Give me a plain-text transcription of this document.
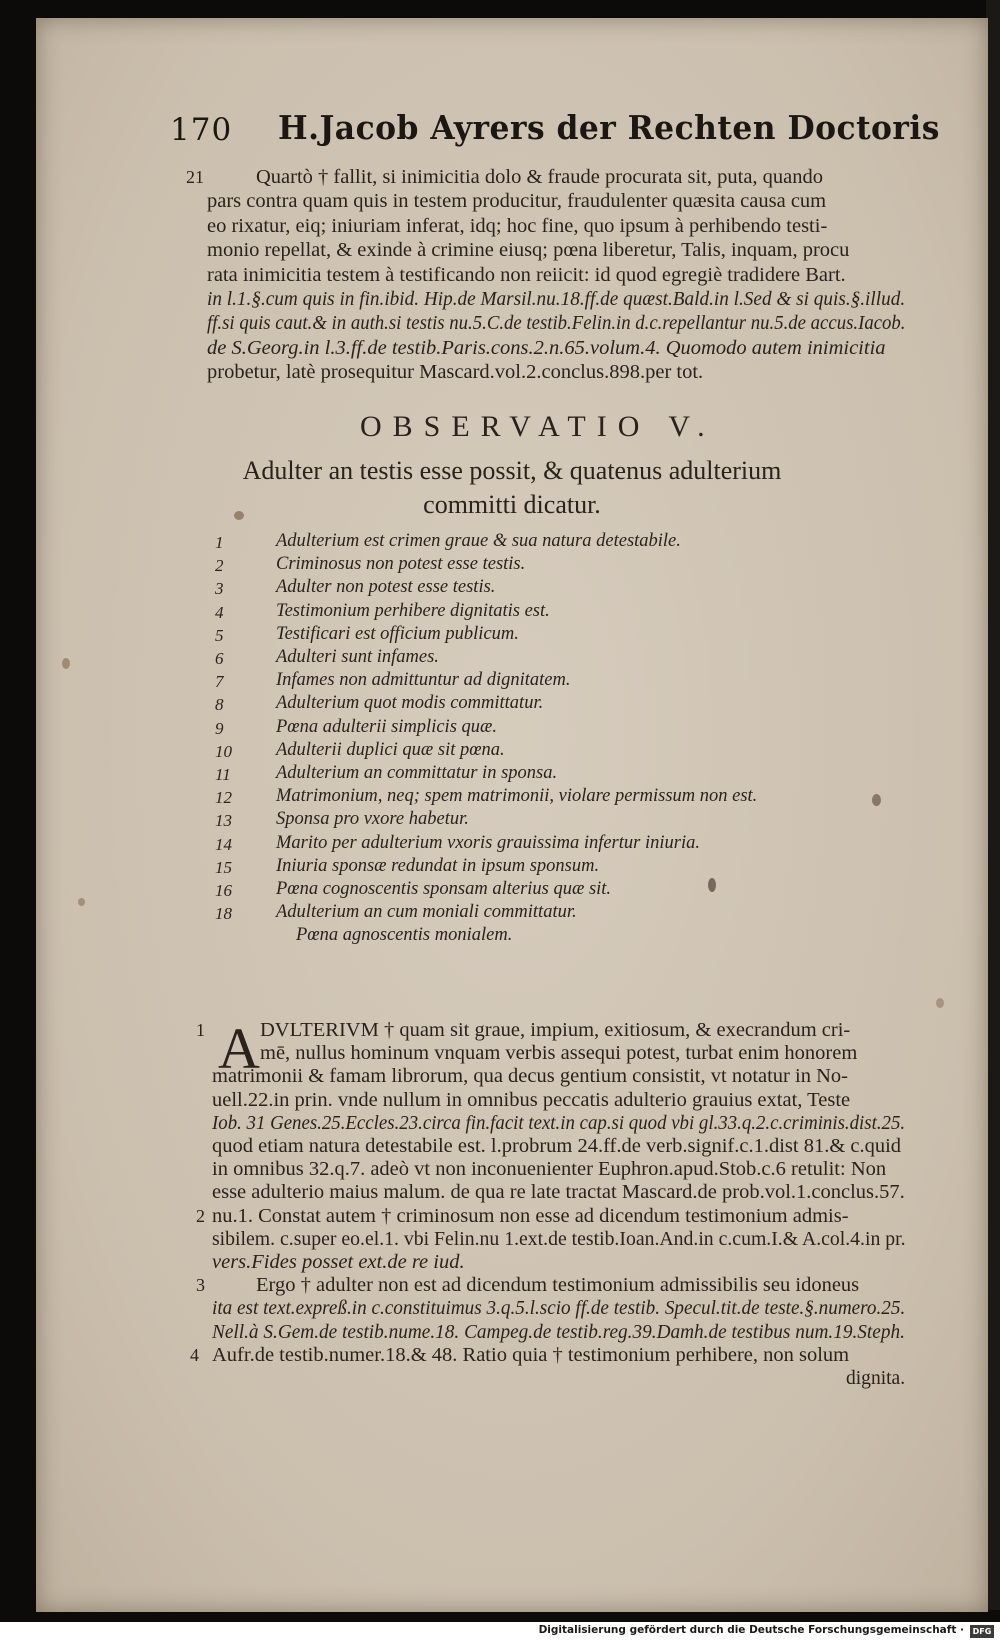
170 H.Jacob Ayrers der Rechten Doctoris
21	Quartò † fallit, si inimicitia dolo & fraude procurata sit, puta, quando
pars contra quam quis in testem producitur, fraudulenter quæsita causa cum
eo rixatur, eiq; iniuriam inferat, idq; hoc fine, quo ipsum à perhibendo testi-
monio repellat, & exinde à crimine eiusq; pœna liberetur, Talis, inquam, procu
rata inimicitia testem à testificando non reiicit: id quod egregiè tradidere Bart.
in l.1.§.cum quis in fin.ibid. Hip.de Marsil.nu.18.ff.de quæst.Bald.in l.Sed & si quis.§.illud.
ff.si quis caut.& in auth.si testis nu.5.C.de testib.Felin.in d.c.repellantur nu.5.de accus.Iacob.
de S.Georg.in l.3.ff.de testib.Paris.cons.2.n.65.volum.4. Quomodo autem inimicitia
probetur, latè prosequitur Mascard.vol.2.conclus.898.per tot.
OBSERVATIO V.
Adulter an testis esse possit, & quatenus adulterium
committi dicatur.
1	Adulterium est crimen graue & sua natura detestabile.
2	Criminosus non potest esse testis.
3	Adulter non potest esse testis.
4	Testimonium perhibere dignitatis est.
5	Testificari est officium publicum.
6	Adulteri sunt infames.
7	Infames non admittuntur ad dignitatem.
8	Adulterium quot modis committatur.
9	Pœna adulterii simplicis quæ.
10	Adulterii duplici quæ sit pœna.
11	Adulterium an committatur in sponsa.
12	Matrimonium, neq; spem matrimonii, violare permissum non est.
13	Sponsa pro vxore habetur.
14	Marito per adulterium vxoris grauissima infertur iniuria.
15	Iniuria sponsæ redundat in ipsum sponsum.
16	Pœna cognoscentis sponsam alterius quæ sit.
18	Adulterium an cum moniali committatur.
Pœna agnoscentis monialem.
A
1	DVLTERIVM † quam sit graue, impium, exitiosum, & execrandum cri-
mē, nullus hominum vnquam verbis assequi potest, turbat enim honorem
matrimonii & famam librorum, qua decus gentium consistit, vt notatur in No-
uell.22.in prin. vnde nullum in omnibus peccatis adulterio grauius extat, Teste
Iob. 31 Genes.25.Eccles.23.circa fin.facit text.in cap.si quod vbi gl.33.q.2.c.criminis.dist.25.
quod etiam natura detestabile est. l.probrum 24.ff.de verb.signif.c.1.dist 81.& c.quid
in omnibus 32.q.7. adeò vt non inconuenienter Euphron.apud.Stob.c.6 retulit: Non
esse adulterio maius malum. de qua re late tractat Mascard.de prob.vol.1.conclus.57.
2 nu.1. Constat autem † criminosum non esse ad dicendum testimonium admis-
sibilem. c.super eo.el.1. vbi Felin.nu 1.ext.de testib.Ioan.And.in c.cum.I.& A.col.4.in pr.
vers.Fides posset ext.de re iud.
3 Ergo † adulter non est ad dicendum testimonium admissibilis seu idoneus
ita est text.expreß.in c.constituimus 3.q.5.l.scio ff.de testib. Specul.tit.de teste.§.numero.25.
Nell.à S.Gem.de testib.nume.18. Campeg.de testib.reg.39.Damh.de testibus num.19.Steph.
4 Aufr.de testib.numer.18.& 48. Ratio quia † testimonium perhibere, non solum
dignita.
Digitalisierung gefördert durch die Deutsche Forschungsgemeinschaft ·	DFG
